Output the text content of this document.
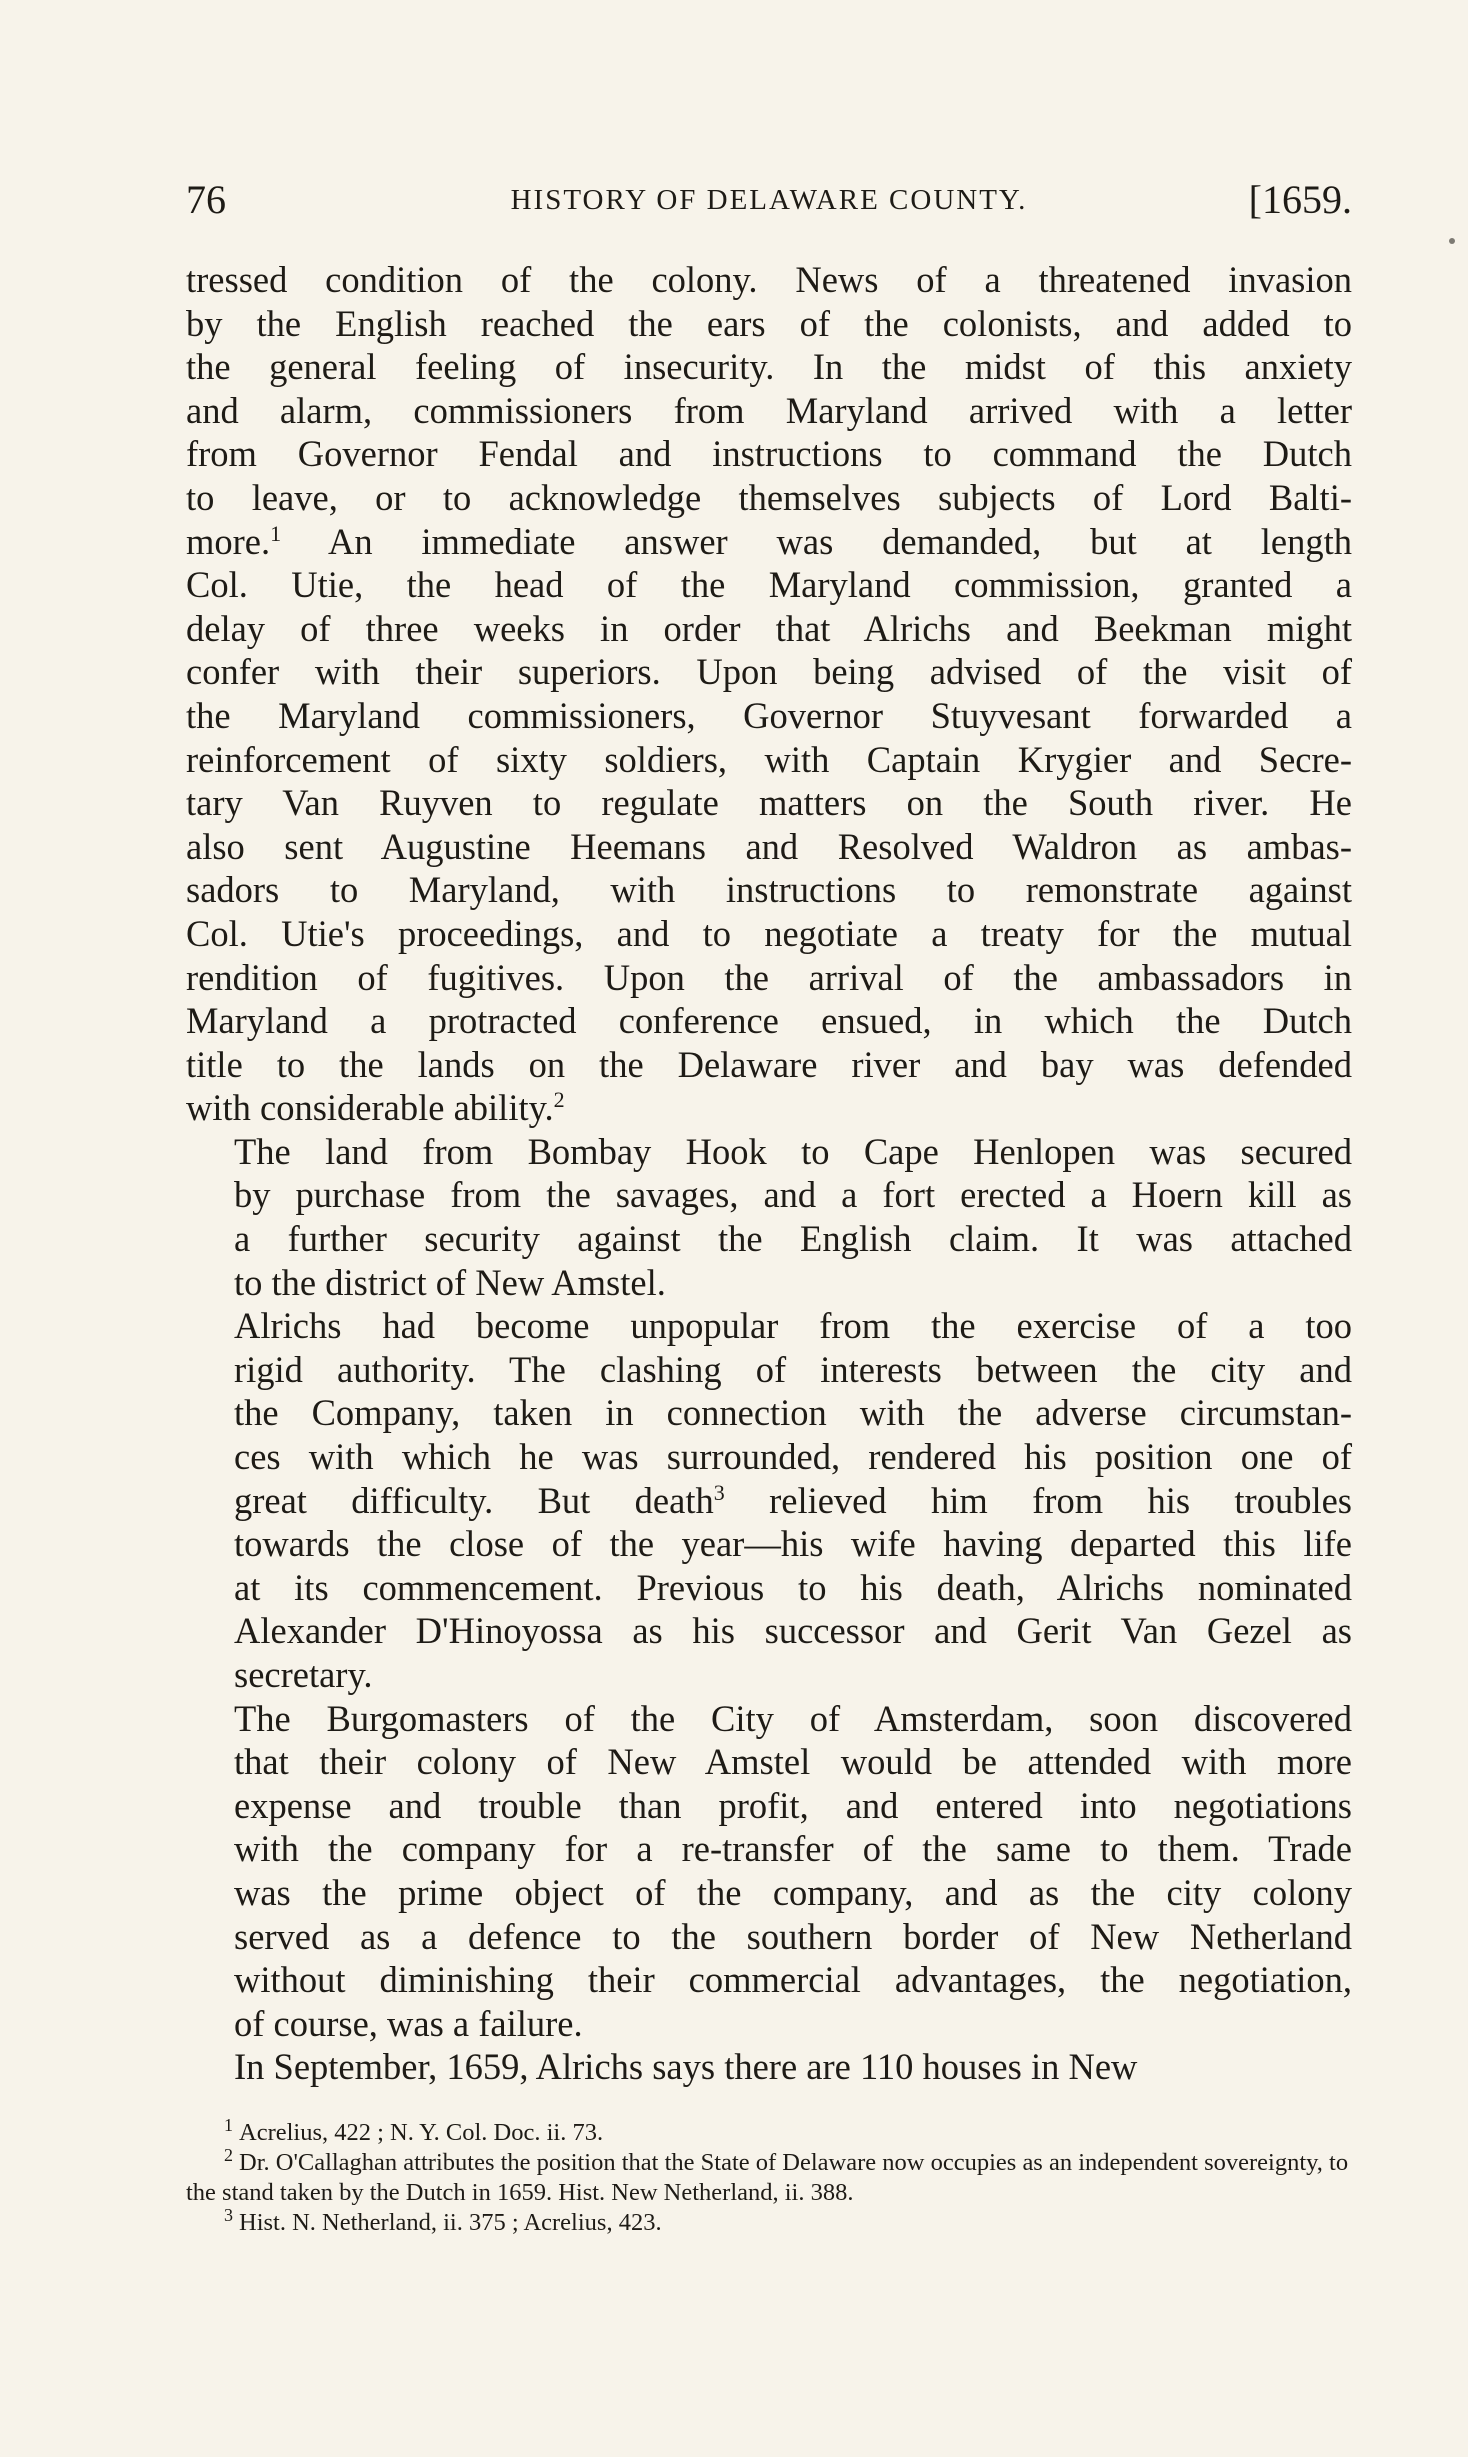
76	HISTORY OF DELAWARE COUNTY.	[1659.
tressed condition of the colony. News of a threatened invasion
by the English reached the ears of the colonists, and added to
the general feeling of insecurity. In the midst of this anxiety
and alarm, commissioners from Maryland arrived with a letter
from Governor Fendal and instructions to command the Dutch
to leave, or to acknowledge themselves subjects of Lord Balti-
more.$^1$ An immediate answer was demanded, but at length
Col. Utie, the head of the Maryland commission, granted a
delay of three weeks in order that Alrichs and Beekman might
confer with their superiors. Upon being advised of the visit of
the Maryland commissioners, Governor Stuyvesant forwarded a
reinforcement of sixty soldiers, with Captain Krygier and Secre-
tary Van Ruyven to regulate matters on the South river. He
also sent Augustine Heemans and Resolved Waldron as ambas-
sadors to Maryland, with instructions to remonstrate against
Col. Utie's proceedings, and to negotiate a treaty for the mutual
rendition of fugitives. Upon the arrival of the ambassadors in
Maryland a protracted conference ensued, in which the Dutch
title to the lands on the Delaware river and bay was defended
with considerable ability.$^2$
The land from Bombay Hook to Cape Henlopen was secured
by purchase from the savages, and a fort erected a Hoern kill as
a further security against the English claim. It was attached
to the district of New Amstel.
Alrichs had become unpopular from the exercise of a too
rigid authority. The clashing of interests between the city and
the Company, taken in connection with the adverse circumstan-
ces with which he was surrounded, rendered his position one of
great difficulty. But death$^3$ relieved him from his troubles
towards the close of the year—his wife having departed this life
at its commencement. Previous to his death, Alrichs nominated
Alexander D'Hinoyossa as his successor and Gerit Van Gezel as
secretary.
The Burgomasters of the City of Amsterdam, soon discovered
that their colony of New Amstel would be attended with more
expense and trouble than profit, and entered into negotiations
with the company for a re-transfer of the same to them. Trade
was the prime object of the company, and as the city colony
served as a defence to the southern border of New Netherland
without diminishing their commercial advantages, the negotiation,
of course, was a failure.
In September, 1659, Alrichs says there are 110 houses in New

$^1$ Acrelius, 422 ; N. Y. Col. Doc. ii. 73.

$^2$ Dr. O'Callaghan attributes the position that the State of Delaware now occupies as an independent sovereignty, to the stand taken by the Dutch in 1659. Hist. New Netherland, ii. 388.

$^3$ Hist. N. Netherland, ii. 375 ; Acrelius, 423.
